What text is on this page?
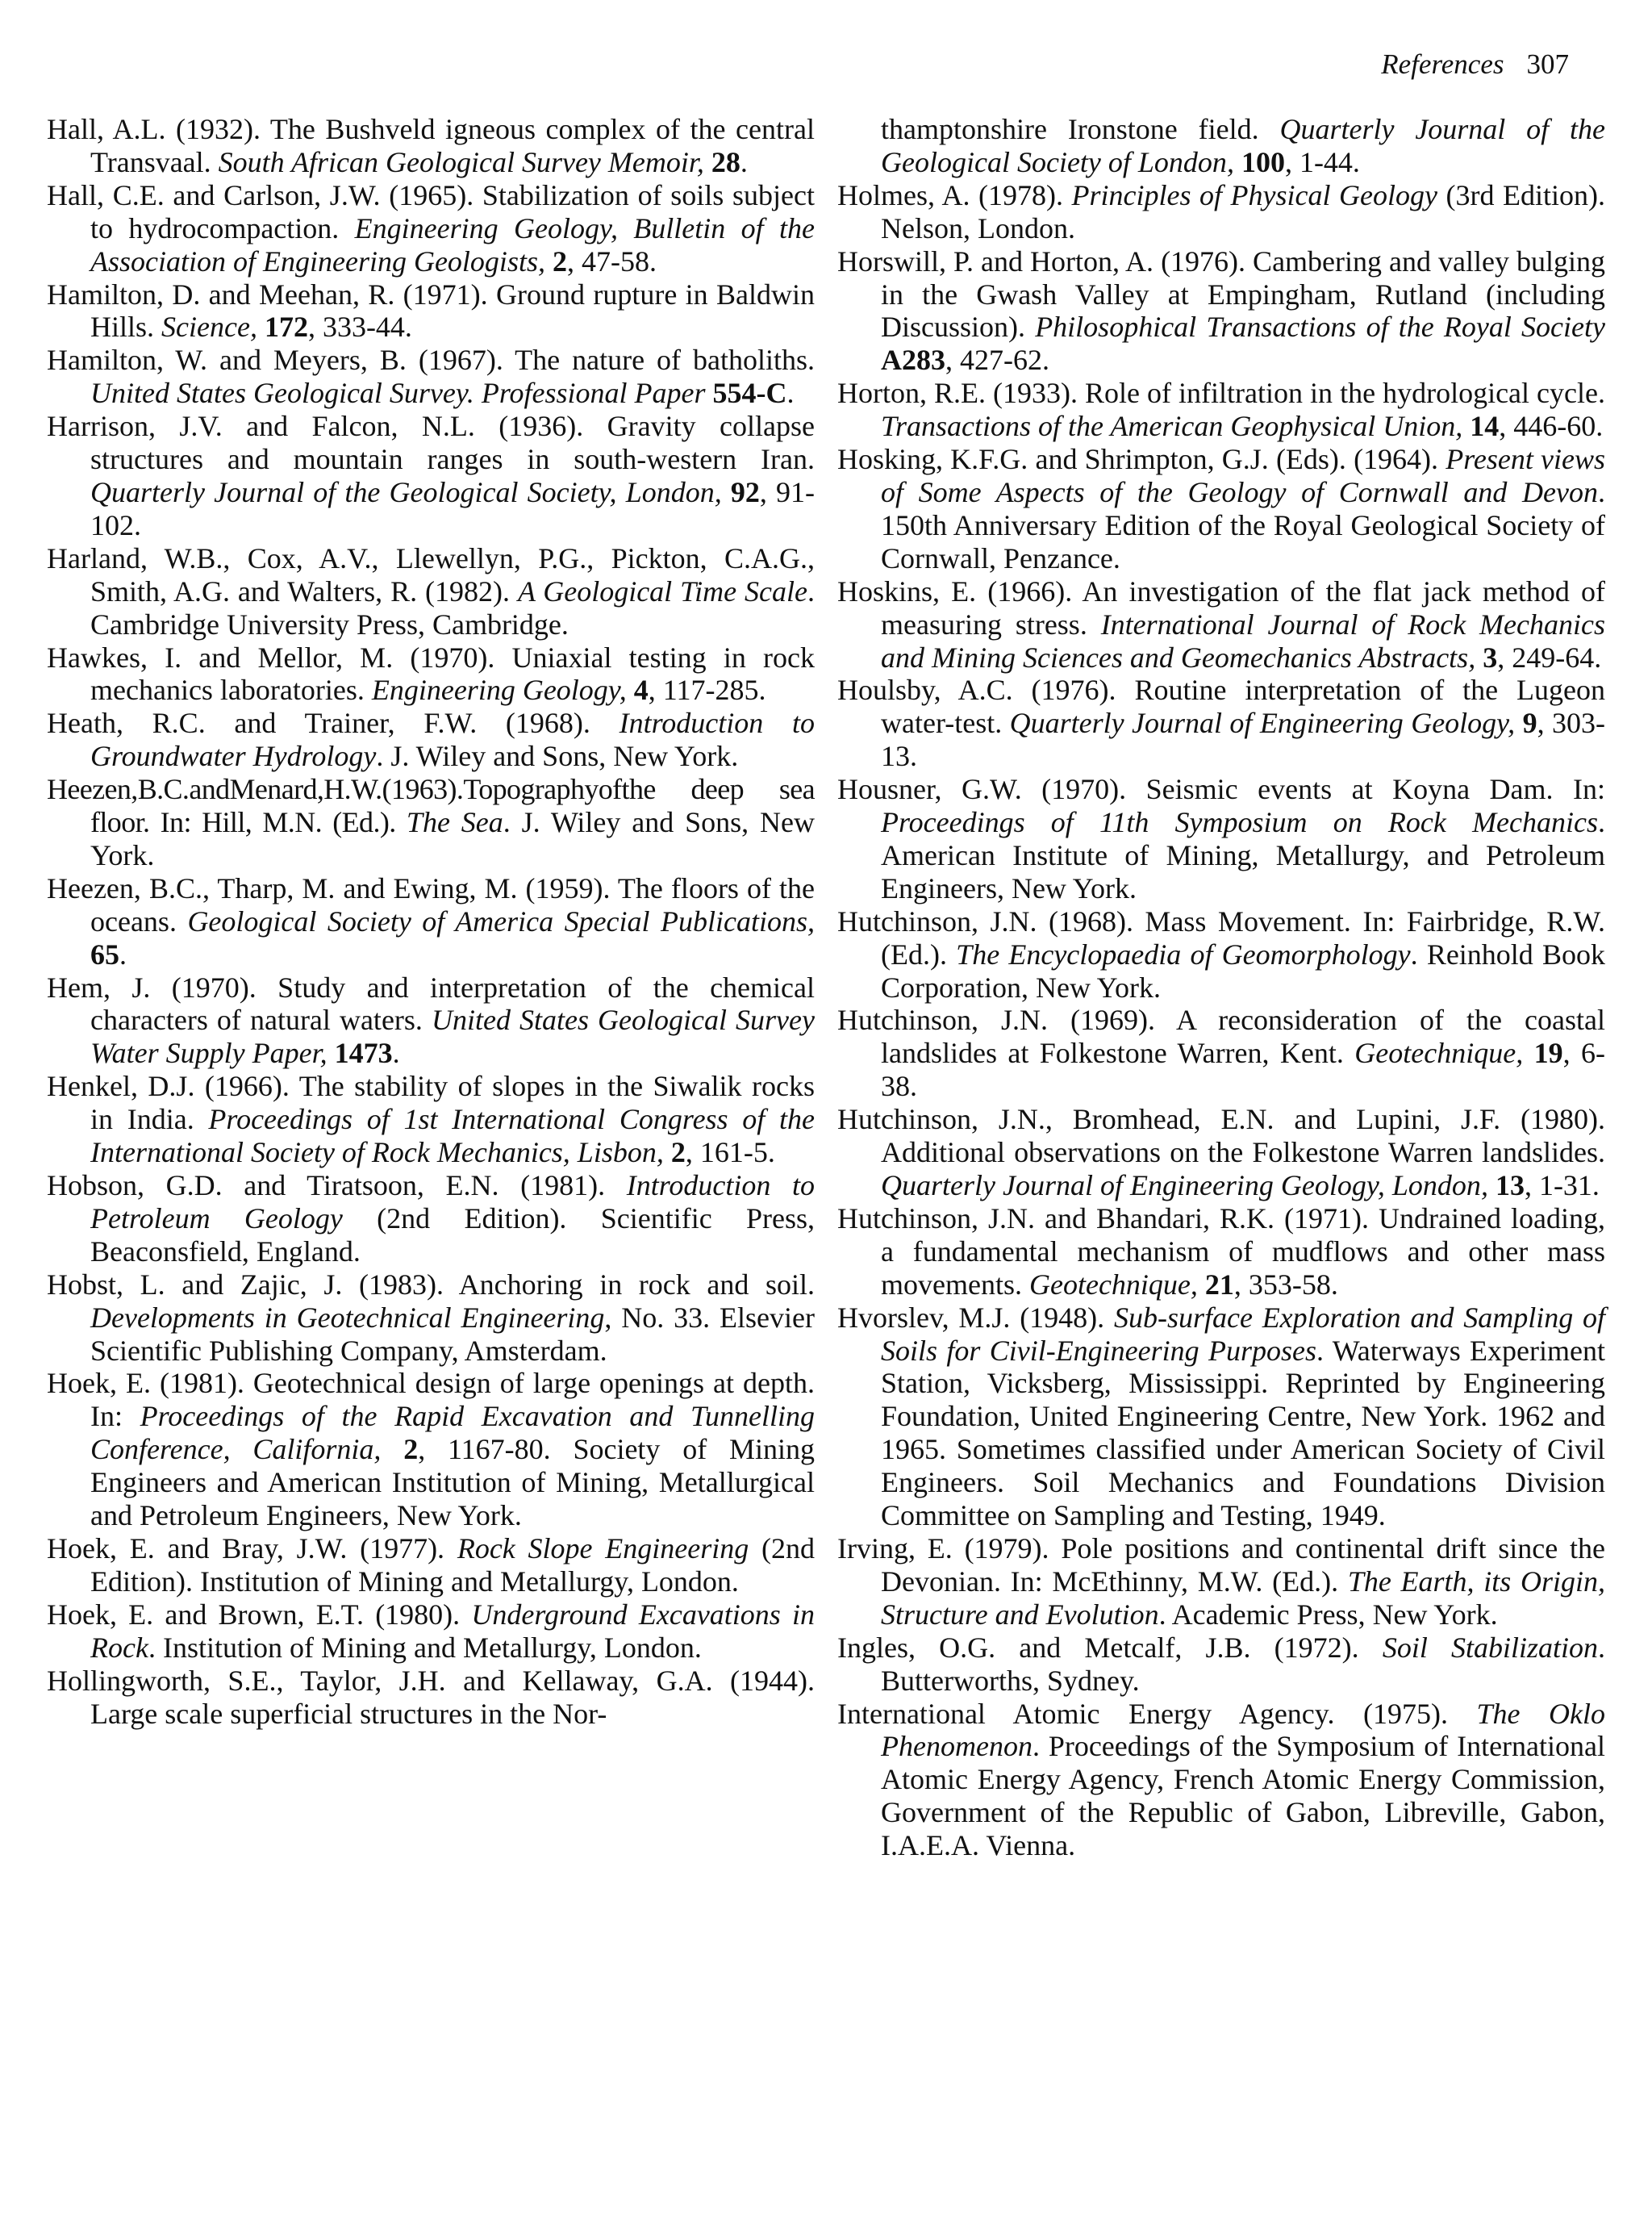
References 307
Hall, A.L. (1932). The Bushveld igneous complex of the central Transvaal. South African Geological Survey Memoir, 28.
Hall, C.E. and Carlson, J.W. (1965). Stabilization of soils subject to hydrocompaction. Engineering Geology, Bulletin of the Association of Engineering Geologists, 2, 47-58.
Hamilton, D. and Meehan, R. (1971). Ground rupture in Baldwin Hills. Science, 172, 333-44.
Hamilton, W. and Meyers, B. (1967). The nature of batholiths. United States Geological Survey. Professional Paper 554-C.
Harrison, J.V. and Falcon, N.L. (1936). Gravity collapse structures and mountain ranges in south-western Iran. Quarterly Journal of the Geological Society, London, 92, 91-102.
Harland, W.B., Cox, A.V., Llewellyn, P.G., Pickton, C.A.G., Smith, A.G. and Walters, R. (1982). A Geological Time Scale. Cambridge University Press, Cambridge.
Hawkes, I. and Mellor, M. (1970). Uniaxial testing in rock mechanics laboratories. Engineering Geology, 4, 117-285.
Heath, R.C. and Trainer, F.W. (1968). Introduction to Groundwater Hydrology. J. Wiley and Sons, New York.
Heezen,B.C.andMenard,H.W.(1963).Topographyofthe deep sea floor. In: Hill, M.N. (Ed.). The Sea. J. Wiley and Sons, New York.
Heezen, B.C., Tharp, M. and Ewing, M. (1959). The floors of the oceans. Geological Society of America Special Publications, 65.
Hem, J. (1970). Study and interpretation of the chemical characters of natural waters. United States Geological Survey Water Supply Paper, 1473.
Henkel, D.J. (1966). The stability of slopes in the Siwalik rocks in India. Proceedings of 1st International Congress of the International Society of Rock Mechanics, Lisbon, 2, 161-5.
Hobson, G.D. and Tiratsoon, E.N. (1981). Introduction to Petroleum Geology (2nd Edition). Scientific Press, Beaconsfield, England.
Hobst, L. and Zajic, J. (1983). Anchoring in rock and soil. Developments in Geotechnical Engineering, No. 33. Elsevier Scientific Publishing Company, Amsterdam.
Hoek, E. (1981). Geotechnical design of large openings at depth. In: Proceedings of the Rapid Excavation and Tunnelling Conference, California, 2, 1167-80. Society of Mining Engineers and American Institution of Mining, Metallurgical and Petroleum Engineers, New York.
Hoek, E. and Bray, J.W. (1977). Rock Slope Engineering (2nd Edition). Institution of Mining and Metallurgy, London.
Hoek, E. and Brown, E.T. (1980). Underground Excavations in Rock. Institution of Mining and Metallurgy, London.
Hollingworth, S.E., Taylor, J.H. and Kellaway, G.A. (1944). Large scale superficial structures in the Nor-
thamptonshire Ironstone field. Quarterly Journal of the Geological Society of London, 100, 1-44.
Holmes, A. (1978). Principles of Physical Geology (3rd Edition). Nelson, London.
Horswill, P. and Horton, A. (1976). Cambering and valley bulging in the Gwash Valley at Empingham, Rutland (including Discussion). Philosophical Transactions of the Royal Society A283, 427-62.
Horton, R.E. (1933). Role of infiltration in the hydrological cycle. Transactions of the American Geophysical Union, 14, 446-60.
Hosking, K.F.G. and Shrimpton, G.J. (Eds). (1964). Present views of Some Aspects of the Geology of Cornwall and Devon. 150th Anniversary Edition of the Royal Geological Society of Cornwall, Penzance.
Hoskins, E. (1966). An investigation of the flat jack method of measuring stress. International Journal of Rock Mechanics and Mining Sciences and Geomechanics Abstracts, 3, 249-64.
Houlsby, A.C. (1976). Routine interpretation of the Lugeon water-test. Quarterly Journal of Engineering Geology, 9, 303-13.
Housner, G.W. (1970). Seismic events at Koyna Dam. In: Proceedings of 11th Symposium on Rock Mechanics. American Institute of Mining, Metallurgy, and Petroleum Engineers, New York.
Hutchinson, J.N. (1968). Mass Movement. In: Fairbridge, R.W. (Ed.). The Encyclopaedia of Geomorphology. Reinhold Book Corporation, New York.
Hutchinson, J.N. (1969). A reconsideration of the coastal landslides at Folkestone Warren, Kent. Geotechnique, 19, 6-38.
Hutchinson, J.N., Bromhead, E.N. and Lupini, J.F. (1980). Additional observations on the Folkestone Warren landslides. Quarterly Journal of Engineering Geology, London, 13, 1-31.
Hutchinson, J.N. and Bhandari, R.K. (1971). Undrained loading, a fundamental mechanism of mudflows and other mass movements. Geotechnique, 21, 353-58.
Hvorslev, M.J. (1948). Sub-surface Exploration and Sampling of Soils for Civil-Engineering Purposes. Waterways Experiment Station, Vicksberg, Mississippi. Reprinted by Engineering Foundation, United Engineering Centre, New York. 1962 and 1965. Sometimes classified under American Society of Civil Engineers. Soil Mechanics and Foundations Division Committee on Sampling and Testing, 1949.
Irving, E. (1979). Pole positions and continental drift since the Devonian. In: McEthinny, M.W. (Ed.). The Earth, its Origin, Structure and Evolution. Academic Press, New York.
Ingles, O.G. and Metcalf, J.B. (1972). Soil Stabilization. Butterworths, Sydney.
International Atomic Energy Agency. (1975). The Oklo Phenomenon. Proceedings of the Symposium of International Atomic Energy Agency, French Atomic Energy Commission, Government of the Republic of Gabon, Libreville, Gabon, I.A.E.A. Vienna.
